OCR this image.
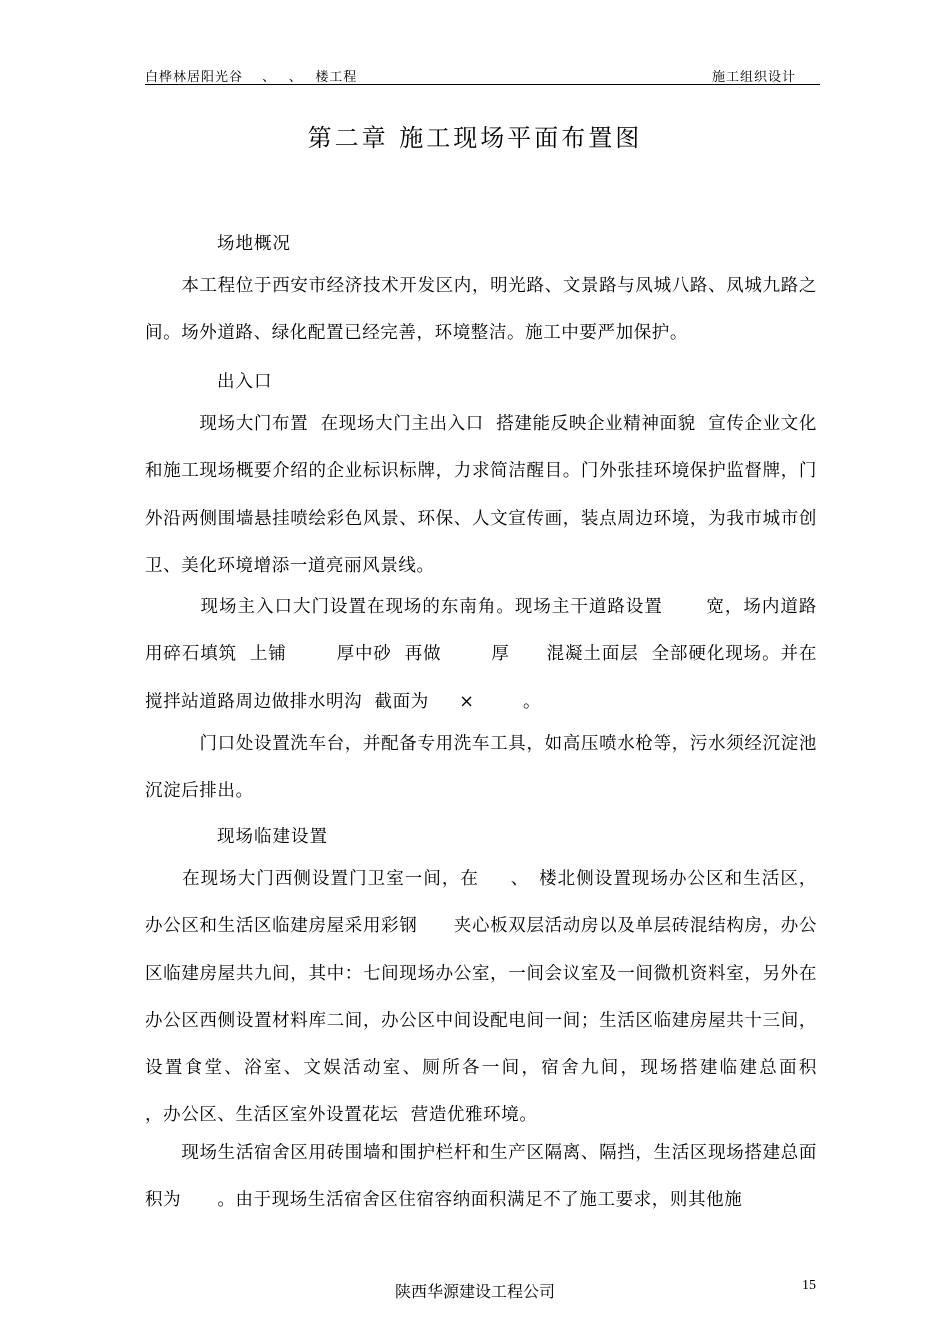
白桦林居阳光谷　 、　 、　 楼工程	施工组织设计
第二章 施工现场平面布置图
场地概况
　　本工程位于西安市经济技术开发区内，明光路、文景路与凤城八路、凤城九路之间。场外道路、绿化配置已经完善，环境整洁。施工中要严加保护。
出入口
　　　现场大门布置  在现场大门主出入口  搭建能反映企业精神面貌  宣传企业文化和施工现场概要介绍的企业标识标牌，力求简洁醒目。门外张挂环境保护监督牌，门外沿两侧围墙悬挂喷绘彩色风景、环保、人文宣传画，装点周边环境，为我市城市创卫、美化环境增添一道亮丽风景线。
　　　现场主入口大门设置在现场的东南角。现场主干道路设置　　 宽，场内道路用碎石填筑  上铺　　  厚中砂  再做　　  厚　　混凝土面层  全部硬化现场。并在搅拌站道路周边做排水明沟  截面为　  ×　　  。
　　　门口处设置洗车台，并配备专用洗车工具，如高压喷水枪等，污水须经沉淀池沉淀后排出。
现场临建设置
　　在现场大门西侧设置门卫室一间，在　  、　楼北侧设置现场办公区和生活区，办公区和生活区临建房屋采用彩钢　　夹心板双层活动房以及单层砖混结构房，办公区临建房屋共九间，其中：七间现场办公室，一间会议室及一间微机资料室，另外在办公区西侧设置材料库二间，办公区中间设配电间一间；生活区临建房屋共十三间，设置食堂、浴室、文娱活动室、厕所各一间，宿舍九间，现场搭建临建总面积　　  ，办公区、生活区室外设置花坛  营造优雅环境。
　　现场生活宿舍区用砖围墙和围护栏杆和生产区隔离、隔挡，生活区现场搭建总面积为　　。由于现场生活宿舍区住宿容纳面积满足不了施工要求，则其他施
陕西华源建设工程公司	15
